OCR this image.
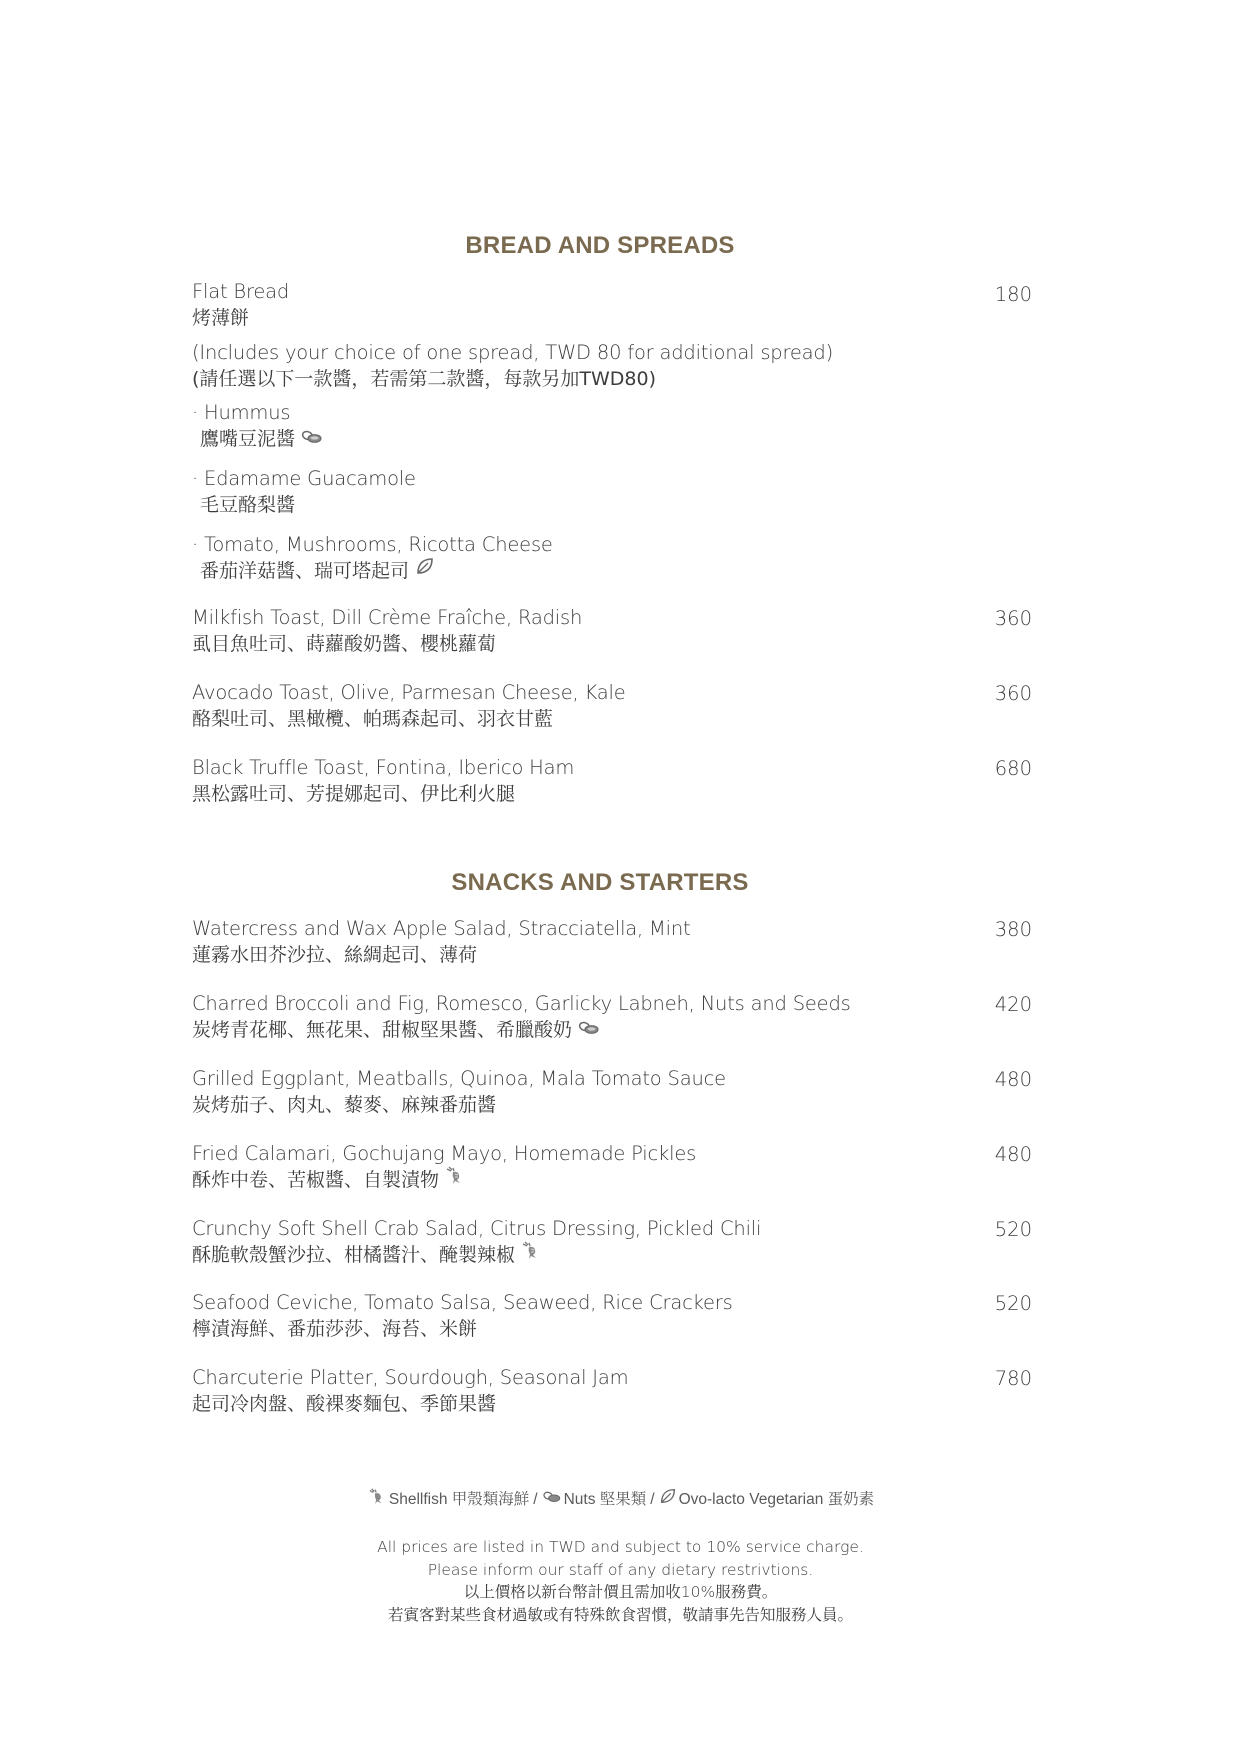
BREAD AND SPREADS
Flat Bread
烤薄餅
180
(Includes your choice of one spread, TWD 80 for additional spread)
(請任選以下一款醬，若需第二款醬，每款另加TWD80)
· Hummus
鷹嘴豆泥醬
· Edamame Guacamole
毛豆酪梨醬
· Tomato, Mushrooms, Ricotta Cheese
番茄洋菇醬、瑞可塔起司
Milkfish Toast, Dill Crème Fraîche, Radish
虱目魚吐司、蒔蘿酸奶醬、櫻桃蘿蔔
360
Avocado Toast, Olive, Parmesan Cheese, Kale
酪梨吐司、黑橄欖、帕瑪森起司、羽衣甘藍
360
Black Truffle Toast, Fontina, Iberico Ham
黑松露吐司、芳提娜起司、伊比利火腿
680
SNACKS AND STARTERS
Watercress and Wax Apple Salad, Stracciatella, Mint
蓮霧水田芥沙拉、絲綢起司、薄荷
380
Charred Broccoli and Fig, Romesco, Garlicky Labneh, Nuts and Seeds
炭烤青花椰、無花果、甜椒堅果醬、希臘酸奶
420
Grilled Eggplant, Meatballs, Quinoa, Mala Tomato Sauce
炭烤茄子、肉丸、藜麥、麻辣番茄醬
480
Fried Calamari, Gochujang Mayo, Homemade Pickles
酥炸中卷、苦椒醬、自製漬物
480
Crunchy Soft Shell Crab Salad, Citrus Dressing, Pickled Chili
酥脆軟殼蟹沙拉、柑橘醬汁、醃製辣椒
520
Seafood Ceviche, Tomato Salsa, Seaweed, Rice Crackers
檸漬海鮮、番茄莎莎、海苔、米餅
520
Charcuterie Platter, Sourdough, Seasonal Jam
起司冷肉盤、酸裸麥麵包、季節果醬
780
Shellfish 甲殼類海鮮 / Nuts 堅果類 / Ovo-lacto Vegetarian 蛋奶素
All prices are listed in TWD and subject to 10% service charge.
Please inform our staff of any dietary restrivtions.
以上價格以新台幣計價且需加收10%服務費。
若賓客對某些食材過敏或有特殊飲食習慣，敬請事先告知服務人員。
